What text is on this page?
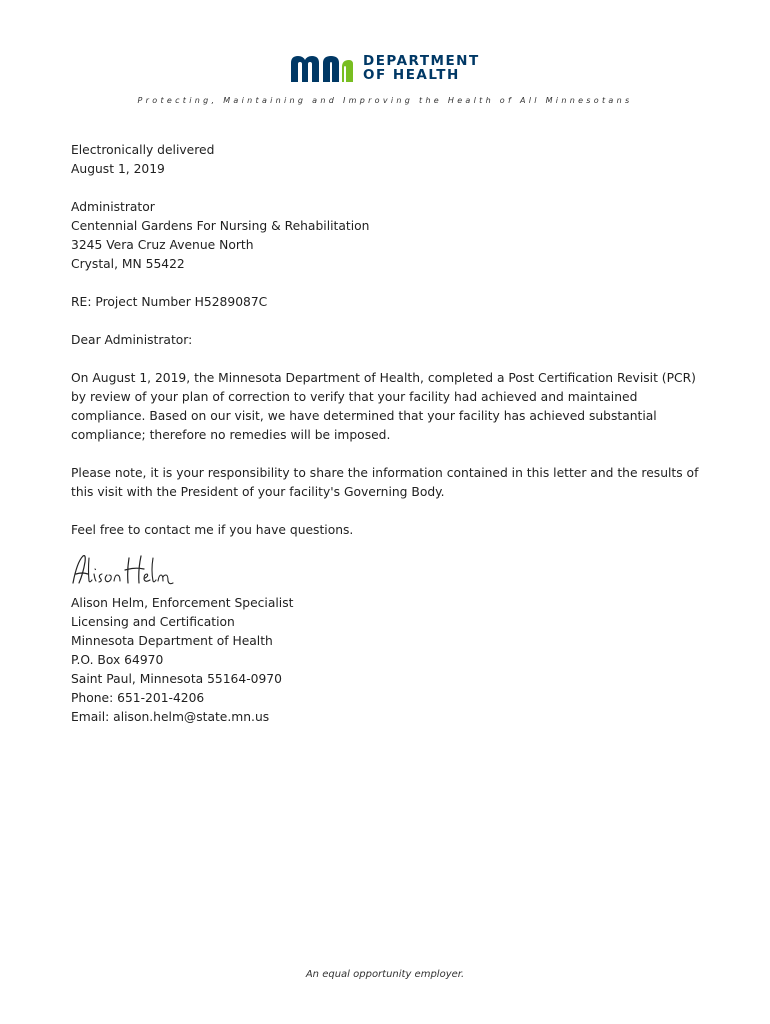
DEPARTMENT
OF HEALTH
Protecting, Maintaining and Improving the Health of All Minnesotans

Electronically delivered
August 1, 2019

Administrator
Centennial Gardens For Nursing & Rehabilitation
3245 Vera Cruz Avenue North
Crystal, MN 55422

RE: Project Number H5289087C

Dear Administrator:

On August 1, 2019, the Minnesota Department of Health, completed a Post Certification Revisit (PCR) by review of your plan of correction to verify that your facility had achieved and maintained compliance. Based on our visit, we have determined that your facility has achieved substantial compliance; therefore no remedies will be imposed.

Please note, it is your responsibility to share the information contained in this letter and the results of this visit with the President of your facility's Governing Body.

Feel free to contact me if you have questions.

Alison Helm, Enforcement Specialist
Licensing and Certification
Minnesota Department of Health
P.O. Box 64970
Saint Paul, Minnesota 55164-0970
Phone: 651-201-4206
Email: alison.helm@state.mn.us

An equal opportunity employer.
